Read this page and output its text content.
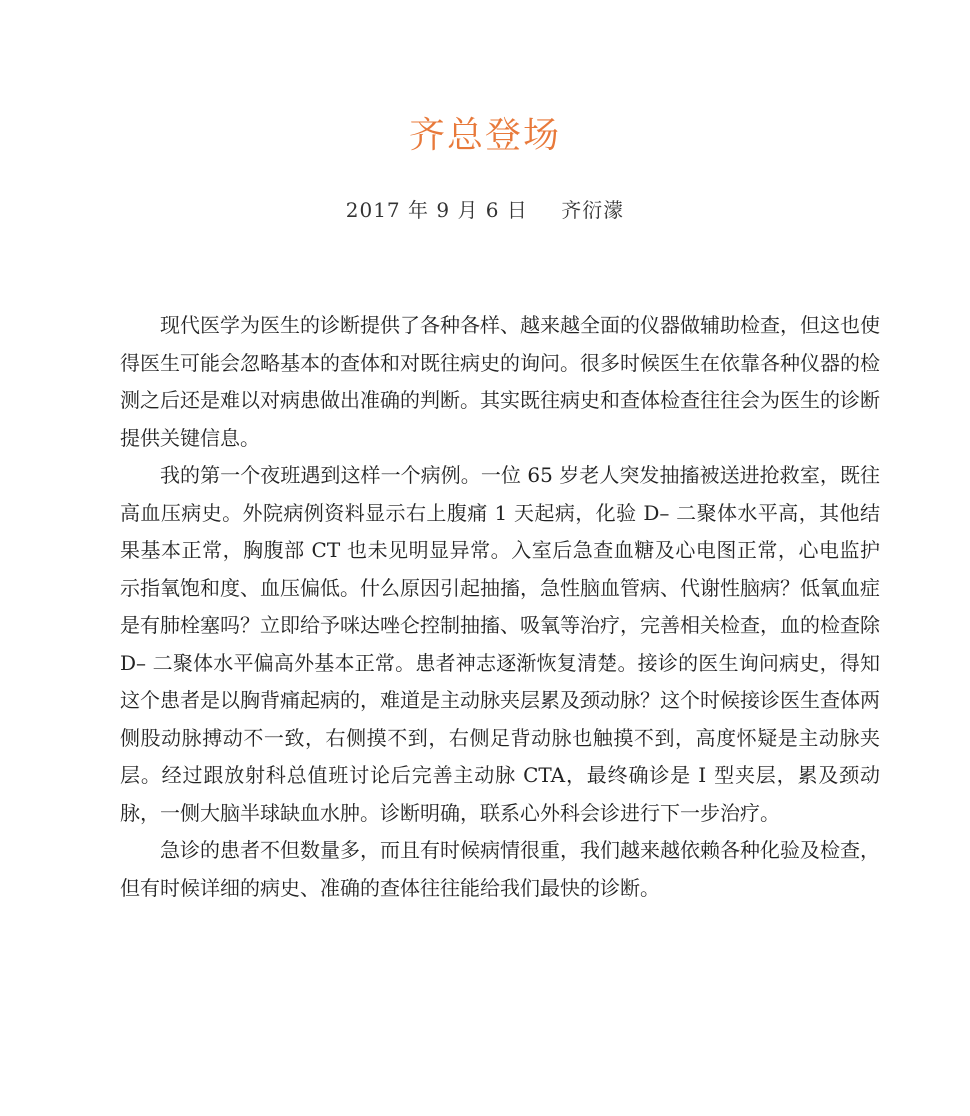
齐总登场
2017 年 9 月 6 日 齐衍濛

现代医学为医生的诊断提供了各种各样、越来越全面的仪器做辅助检查，但这也使得医生可能会忽略基本的查体和对既往病史的询问。很多时候医生在依靠各种仪器的检测之后还是难以对病患做出准确的判断。其实既往病史和查体检查往往会为医生的诊断提供关键信息。

我的第一个夜班遇到这样一个病例。一位 65 岁老人突发抽搐被送进抢救室，既往高血压病史。外院病例资料显示右上腹痛 1 天起病，化验 D– 二聚体水平高，其他结果基本正常，胸腹部 CT 也未见明显异常。入室后急查血糖及心电图正常，心电监护示指氧饱和度、血压偏低。什么原因引起抽搐，急性脑血管病、代谢性脑病？低氧血症是有肺栓塞吗？立即给予咪达唑仑控制抽搐、吸氧等治疗，完善相关检查，血的检查除 D– 二聚体水平偏高外基本正常。患者神志逐渐恢复清楚。接诊的医生询问病史，得知这个患者是以胸背痛起病的，难道是主动脉夹层累及颈动脉？这个时候接诊医生查体两侧股动脉搏动不一致，右侧摸不到，右侧足背动脉也触摸不到，高度怀疑是主动脉夹层。经过跟放射科总值班讨论后完善主动脉 CTA，最终确诊是 Ⅰ 型夹层，累及颈动脉，一侧大脑半球缺血水肿。诊断明确，联系心外科会诊进行下一步治疗。

急诊的患者不但数量多，而且有时候病情很重，我们越来越依赖各种化验及检查，但有时候详细的病史、准确的查体往往能给我们最快的诊断。
